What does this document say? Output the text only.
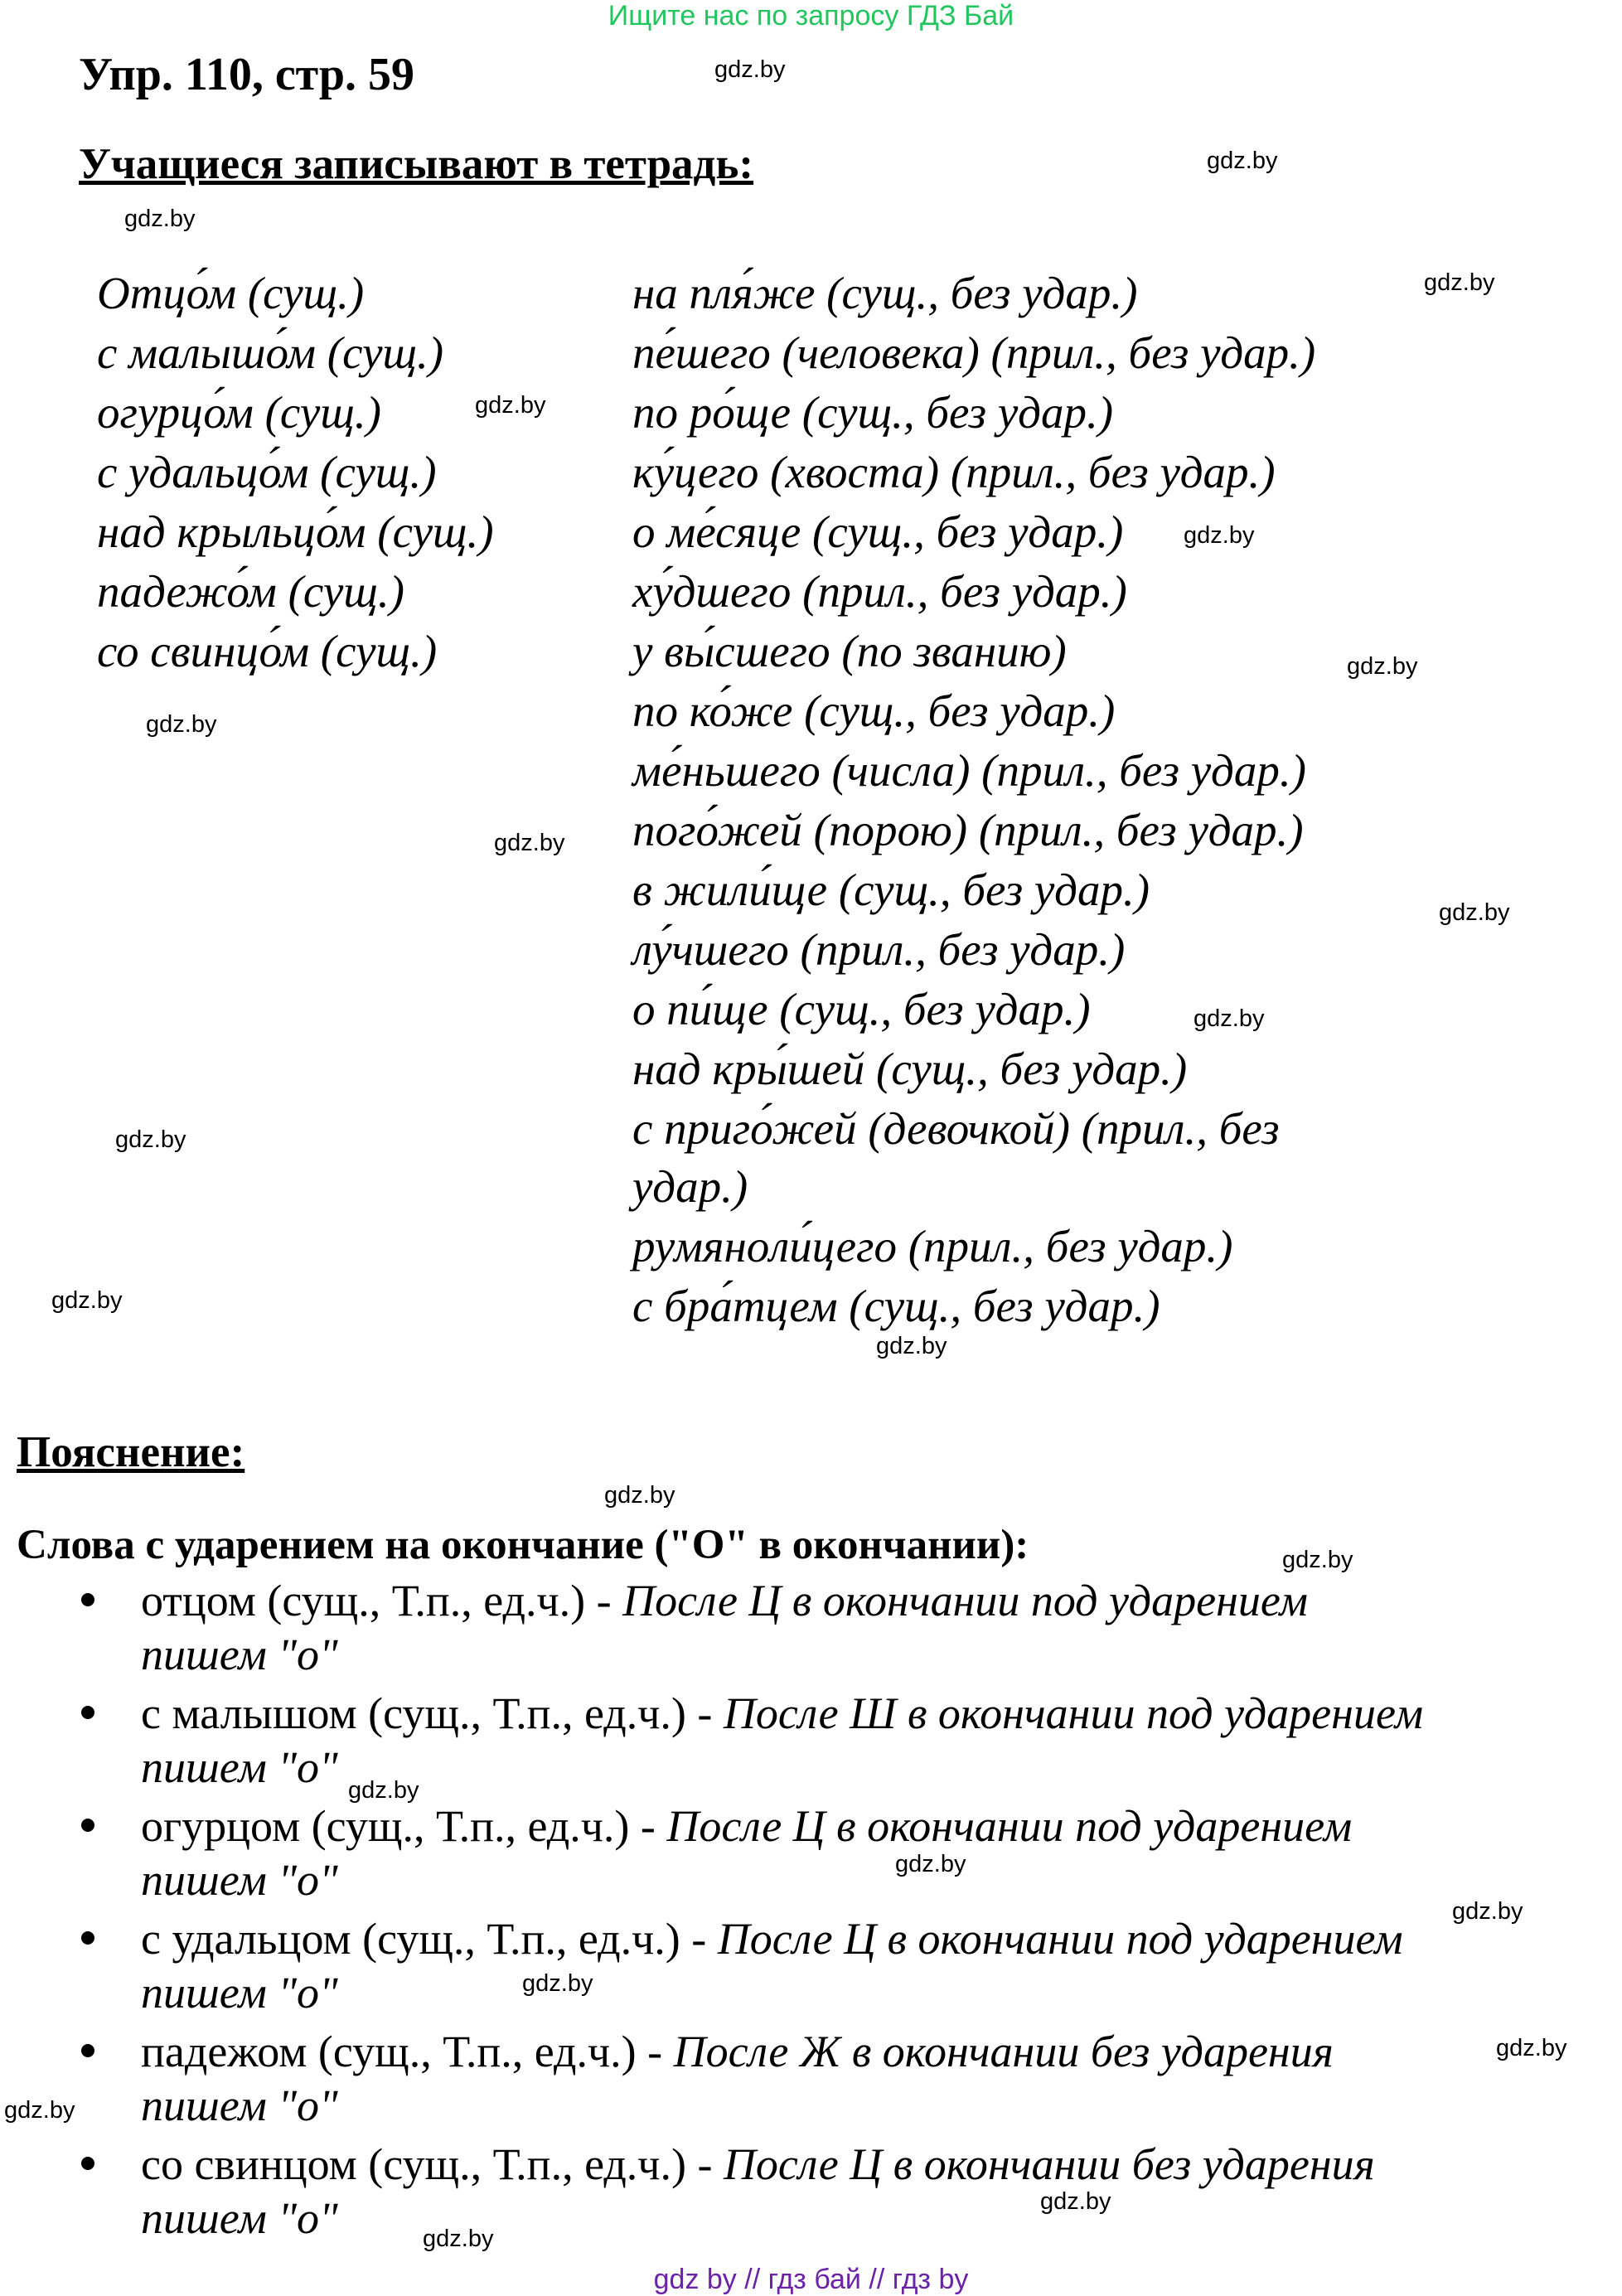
Ищите нас по запросу ГДЗ Бай
Упр. 110, стр. 59
Учащиеся записывают в тетрадь:
Отцо́м (сущ.)
с малышо́м (сущ.)
огурцо́м (сущ.)
с удальцо́м (сущ.)
над крыльцо́м (сущ.)
падежо́м (сущ.)
со свинцо́м (сущ.)
на пля́же (сущ., без удар.)
пе́шего (человека) (прил., без удар.)
по ро́ще (сущ., без удар.)
ку́цего (хвоста) (прил., без удар.)
о ме́сяце (сущ., без удар.)
ху́дшего (прил., без удар.)
у вы́сшего (по званию)
по ко́же (сущ., без удар.)
ме́ньшего (числа) (прил., без удар.)
пого́жей (порою) (прил., без удар.)
в жили́ще (сущ., без удар.)
лу́чшего (прил., без удар.)
о пи́ще (сущ., без удар.)
над кры́шей (сущ., без удар.)
с приго́жей (девочкой) (прил., без
удар.)
румянoли́цего (прил., без удар.)
с бра́тцем (сущ., без удар.)
Пояснение:
Слова с ударением на окончание ("О" в окончании):
отцом (сущ., Т.п., ед.ч.) - После Ц в окончании под ударением
пишем "о"
с малышом (сущ., Т.п., ед.ч.) - После Ш в окончании под ударением
пишем "о"
огурцом (сущ., Т.п., ед.ч.) - После Ц в окончании под ударением
пишем "о"
с удальцом (сущ., Т.п., ед.ч.) - После Ц в окончании под ударением
пишем "о"
падежом (сущ., Т.п., ед.ч.) - После Ж в окончании без ударения
пишем "о"
со свинцом (сущ., Т.п., ед.ч.) - После Ц в окончании без ударения
пишем "о"
gdz.by
gdz.by
gdz.by
gdz.by
gdz.by
gdz.by
gdz.by
gdz.by
gdz.by
gdz.by
gdz.by
gdz.by
gdz.by
gdz.by
gdz.by
gdz.by
gdz.by
gdz.by
gdz.by
gdz.by
gdz.by
gdz.by
gdz.by
gdz.by
gdz by // гдз бай // гдз by
